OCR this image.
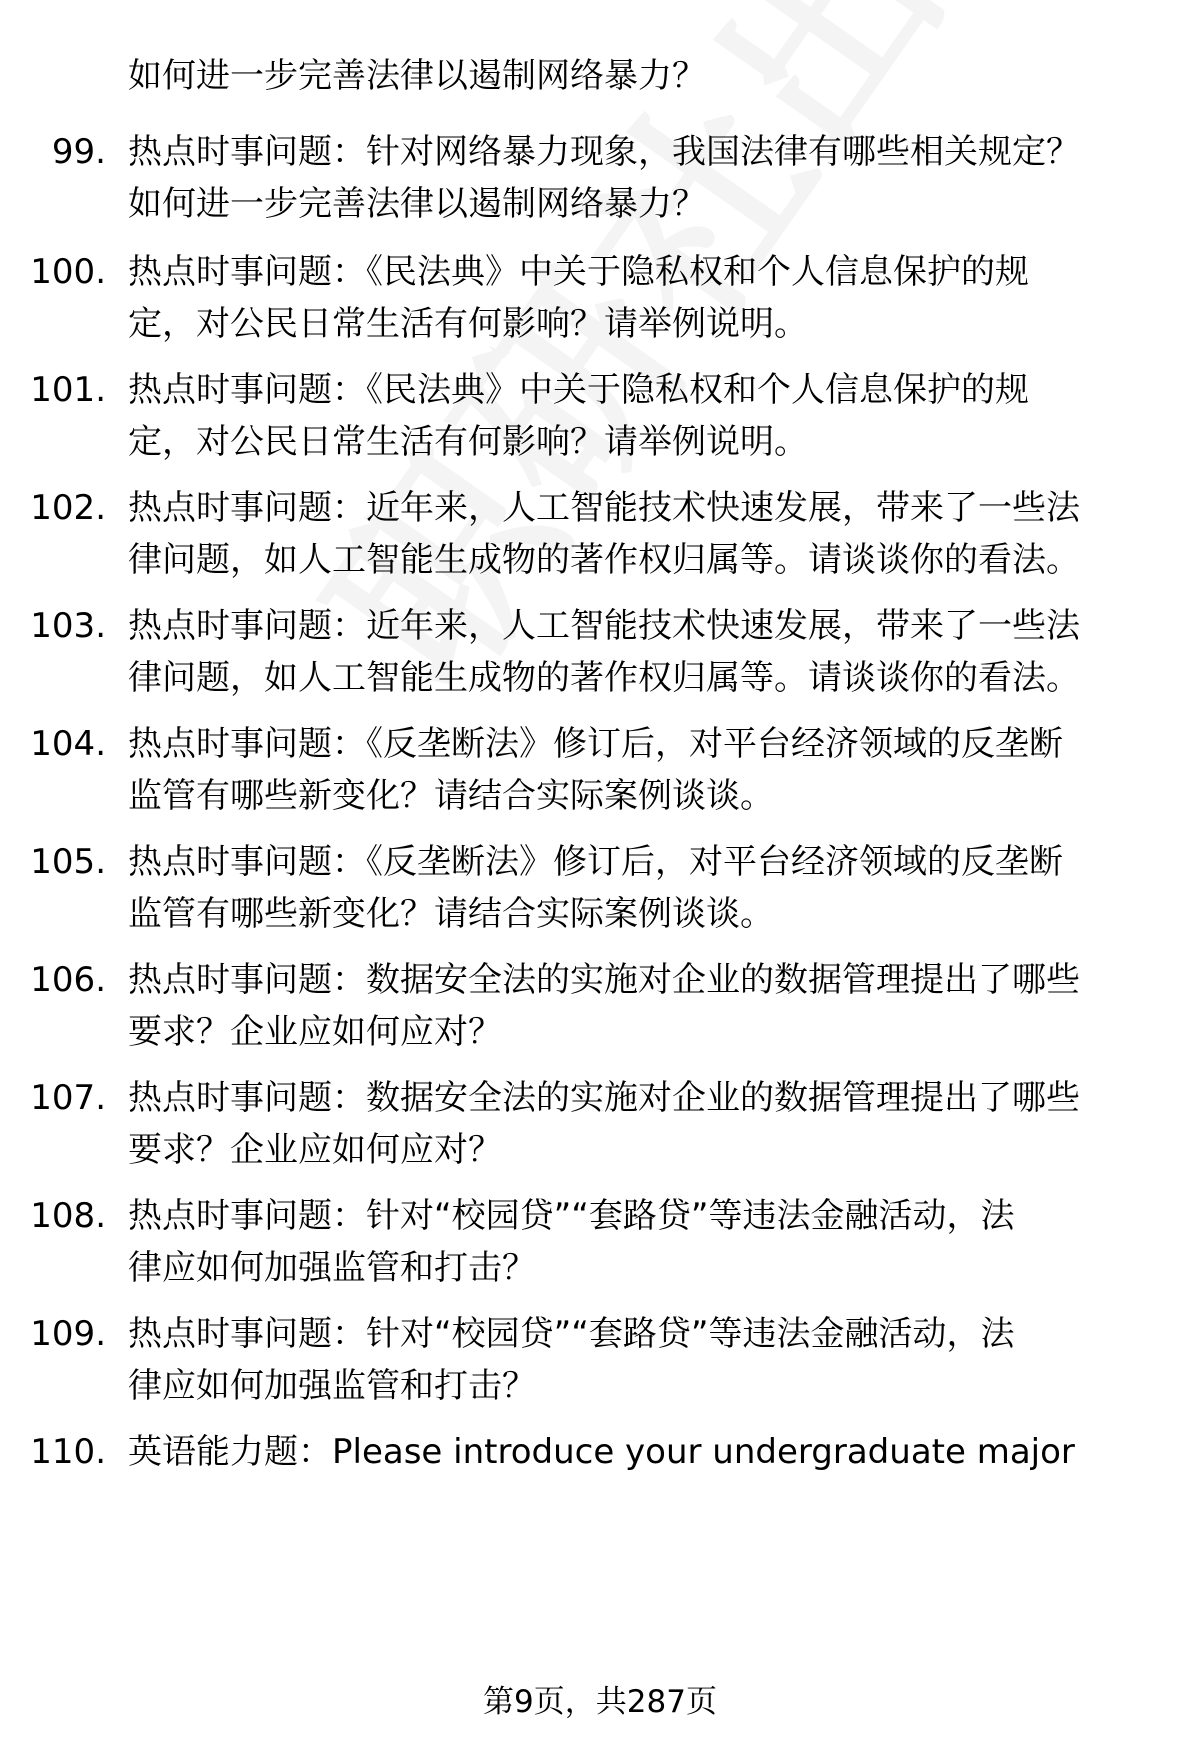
如何进一步完善法律以遏制网络暴力？
99. 热点时事问题：针对网络暴力现象，我国法律有哪些相关规定？
如何进一步完善法律以遏制网络暴力？
100. 热点时事问题：《民法典》中关于隐私权和个人信息保护的规
定，对公民日常生活有何影响？请举例说明。
101. 热点时事问题：《民法典》中关于隐私权和个人信息保护的规
定，对公民日常生活有何影响？请举例说明。
102. 热点时事问题：近年来，人工智能技术快速发展，带来了一些法
律问题，如人工智能生成物的著作权归属等。请谈谈你的看法。
103. 热点时事问题：近年来，人工智能技术快速发展，带来了一些法
律问题，如人工智能生成物的著作权归属等。请谈谈你的看法。
104. 热点时事问题：《反垄断法》修订后，对平台经济领域的反垄断
监管有哪些新变化？请结合实际案例谈谈。
105. 热点时事问题：《反垄断法》修订后，对平台经济领域的反垄断
监管有哪些新变化？请结合实际案例谈谈。
106. 热点时事问题：数据安全法的实施对企业的数据管理提出了哪些
要求？企业应如何应对？
107. 热点时事问题：数据安全法的实施对企业的数据管理提出了哪些
要求？企业应如何应对？
108. 热点时事问题：针对“校园贷”“套路贷”等违法金融活动，法
律应如何加强监管和打击？
109. 热点时事问题：针对“校园贷”“套路贷”等违法金融活动，法
律应如何加强监管和打击？
110. 英语能力题：Please introduce your undergraduate major
第9页，共287页
